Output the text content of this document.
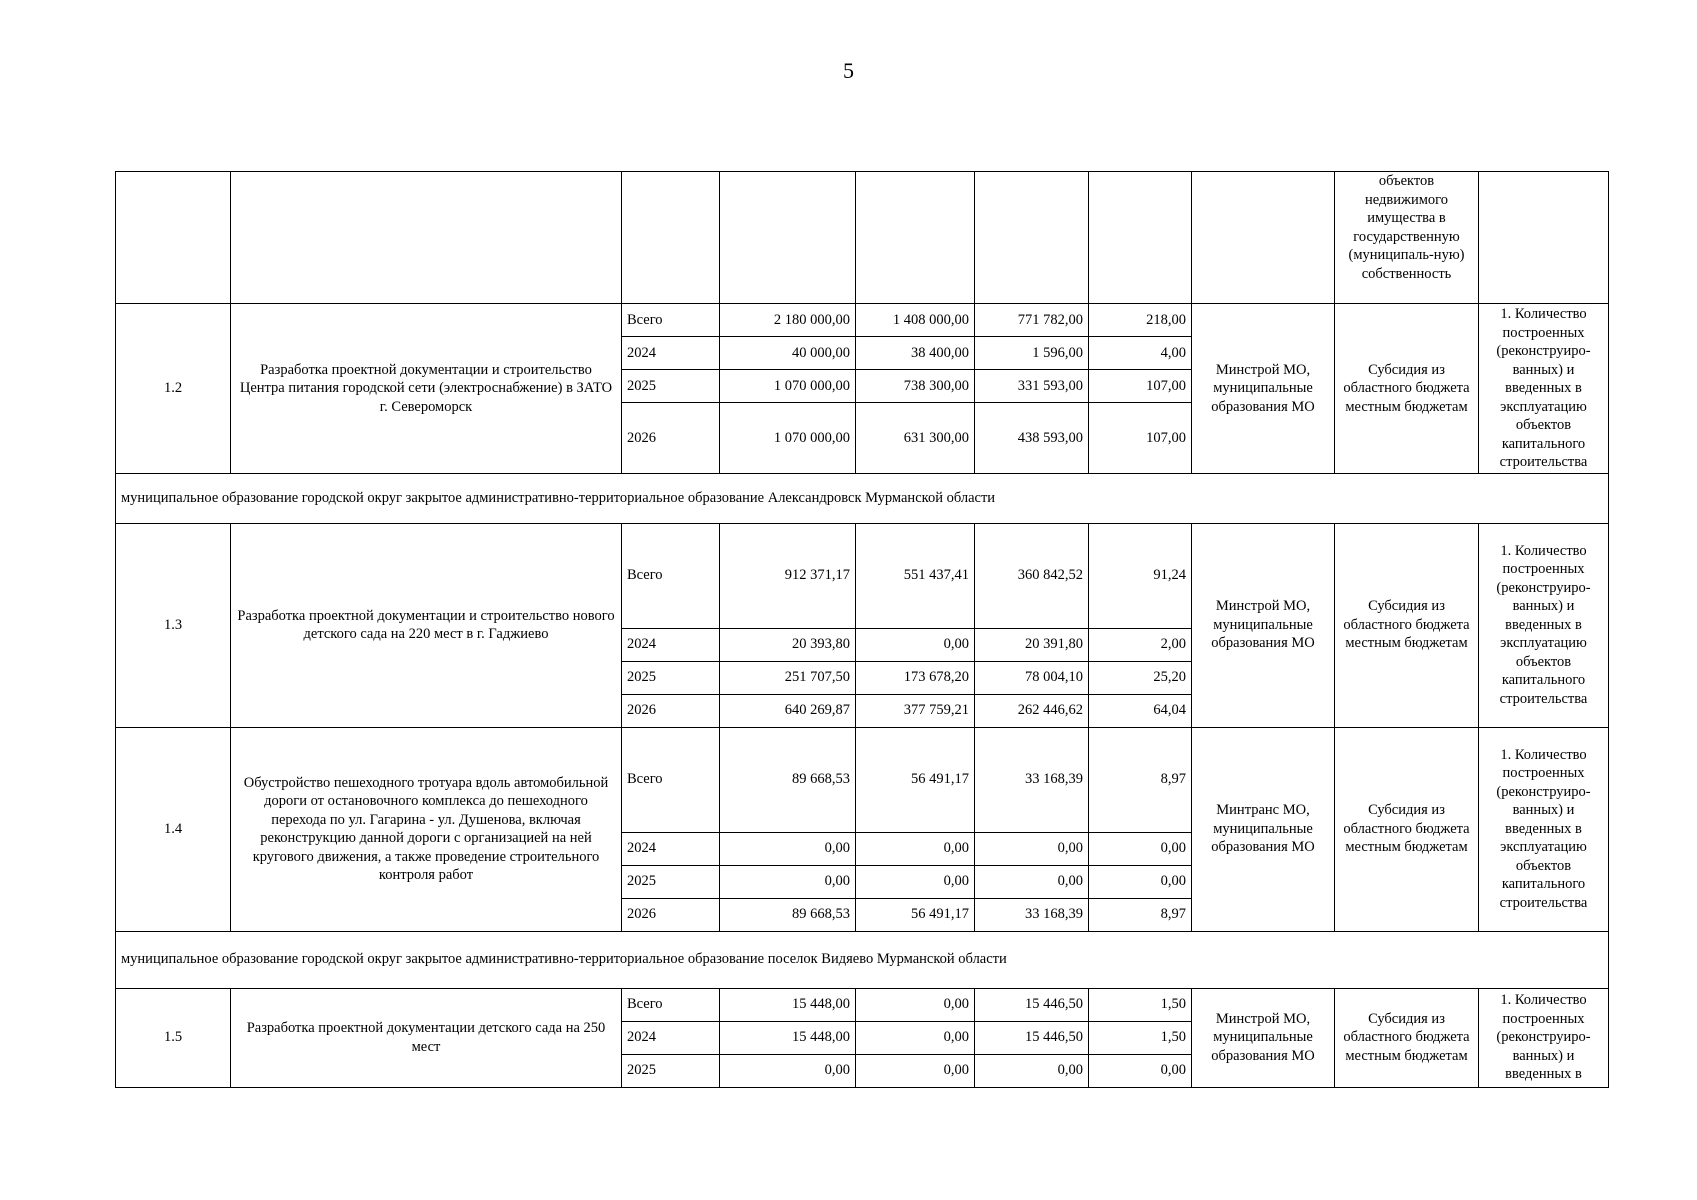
5
								объектов недвижимого имущества в государственную (муниципаль-ную) собственность	
1.2	Разработка проектной документации и строительство Центра питания городской сети (электроснабжение) в ЗАТО г. Североморск	Всего	2 180 000,00	1 408 000,00	771 782,00	218,00	Минстрой МО, муниципальные образования МО	Субсидия из областного бюджета местным бюджетам	1. Количество построенных (реконструиро-ванных) и введенных в эксплуатацию объектов капитального строительства
		2024	40 000,00	38 400,00	1 596,00	4,00			
		2025	1 070 000,00	738 300,00	331 593,00	107,00			
		2026	1 070 000,00	631 300,00	438 593,00	107,00			
муниципальное образование городской округ закрытое административно-территориальное образование Александровск Мурманской области									
1.3	Разработка проектной документации и строительство нового детского сада на 220 мест в г. Гаджиево	Всего	912 371,17	551 437,41	360 842,52	91,24	Минстрой МО, муниципальные образования МО	Субсидия из областного бюджета местным бюджетам	1. Количество построенных (реконструиро-ванных) и введенных в эксплуатацию объектов капитального строительства
		2024	20 393,80	0,00	20 391,80	2,00			
		2025	251 707,50	173 678,20	78 004,10	25,20			
		2026	640 269,87	377 759,21	262 446,62	64,04			
1.4	Обустройство пешеходного тротуара вдоль автомобильной дороги от остановочного комплекса до пешеходного перехода по ул. Гагарина - ул. Душенова, включая реконструкцию данной дороги с организацией на ней кругового движения, а также проведение строительного контроля работ	Всего	89 668,53	56 491,17	33 168,39	8,97	Минтранс МО, муниципальные образования МО	Субсидия из областного бюджета местным бюджетам	1. Количество построенных (реконструиро-ванных) и введенных в эксплуатацию объектов капитального строительства
		2024	0,00	0,00	0,00	0,00			
		2025	0,00	0,00	0,00	0,00			
		2026	89 668,53	56 491,17	33 168,39	8,97			
муниципальное образование городской округ закрытое административно-территориальное образование поселок Видяево Мурманской области									
1.5	Разработка проектной документации детского сада на 250 мест	Всего	15 448,00	0,00	15 446,50	1,50	Минстрой МО, муниципальные образования МО	Субсидия из областного бюджета местным бюджетам	1. Количество построенных (реконструиро-ванных) и введенных в
		2024	15 448,00	0,00	15 446,50	1,50			
		2025	0,00	0,00	0,00	0,00			
